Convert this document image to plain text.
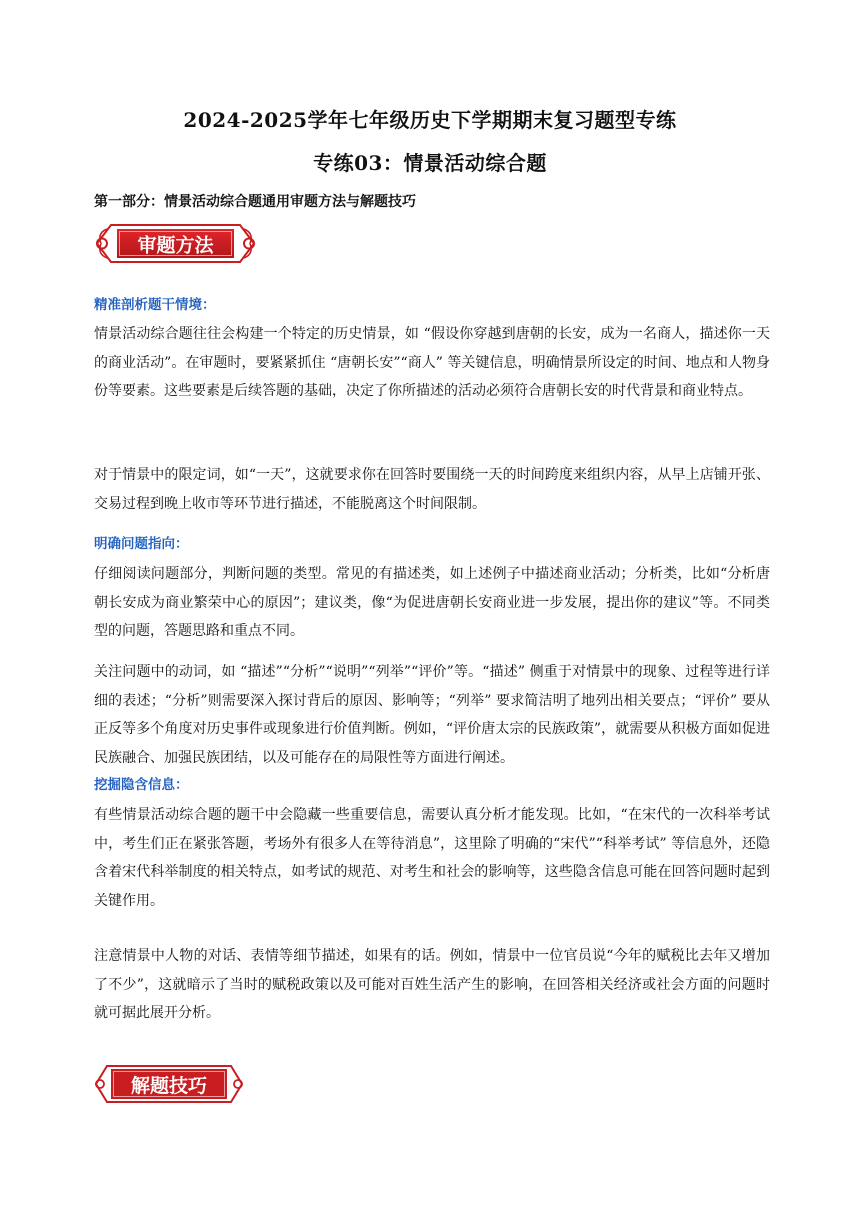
2024-2025学年七年级历史下学期期末复习题型专练
专练03：情景活动综合题
第一部分：情景活动综合题通用审题方法与解题技巧
审题方法
精准剖析题干情境：
情景活动综合题往往会构建一个特定的历史情景，如 “假设你穿越到唐朝的长安，成为一名商人，描述你一天的商业活动”。在审题时，要紧紧抓住 “唐朝长安”“商人” 等关键信息，明确情景所设定的时间、地点和人物身份等要素。这些要素是后续答题的基础，决定了你所描述的活动必须符合唐朝长安的时代背景和商业特点。
对于情景中的限定词，如“一天”，这就要求你在回答时要围绕一天的时间跨度来组织内容，从早上店铺开张、交易过程到晚上收市等环节进行描述，不能脱离这个时间限制。
明确问题指向：
仔细阅读问题部分，判断问题的类型。常见的有描述类，如上述例子中描述商业活动；分析类，比如“分析唐朝长安成为商业繁荣中心的原因”；建议类，像“为促进唐朝长安商业进一步发展，提出你的建议”等。不同类型的问题，答题思路和重点不同。
关注问题中的动词，如 “描述”“分析”“说明”“列举”“评价”等。“描述” 侧重于对情景中的现象、过程等进行详细的表述；“分析”则需要深入探讨背后的原因、影响等；“列举” 要求简洁明了地列出相关要点；“评价” 要从正反等多个角度对历史事件或现象进行价值判断。例如，“评价唐太宗的民族政策”，就需要从积极方面如促进民族融合、加强民族团结，以及可能存在的局限性等方面进行阐述。
挖掘隐含信息：
有些情景活动综合题的题干中会隐藏一些重要信息，需要认真分析才能发现。比如，“在宋代的一次科举考试中，考生们正在紧张答题，考场外有很多人在等待消息”，这里除了明确的“宋代”“科举考试” 等信息外，还隐含着宋代科举制度的相关特点，如考试的规范、对考生和社会的影响等，这些隐含信息可能在回答问题时起到关键作用。
注意情景中人物的对话、表情等细节描述，如果有的话。例如，情景中一位官员说“今年的赋税比去年又增加了不少”，这就暗示了当时的赋税政策以及可能对百姓生活产生的影响，在回答相关经济或社会方面的问题时就可据此展开分析。
解题技巧
